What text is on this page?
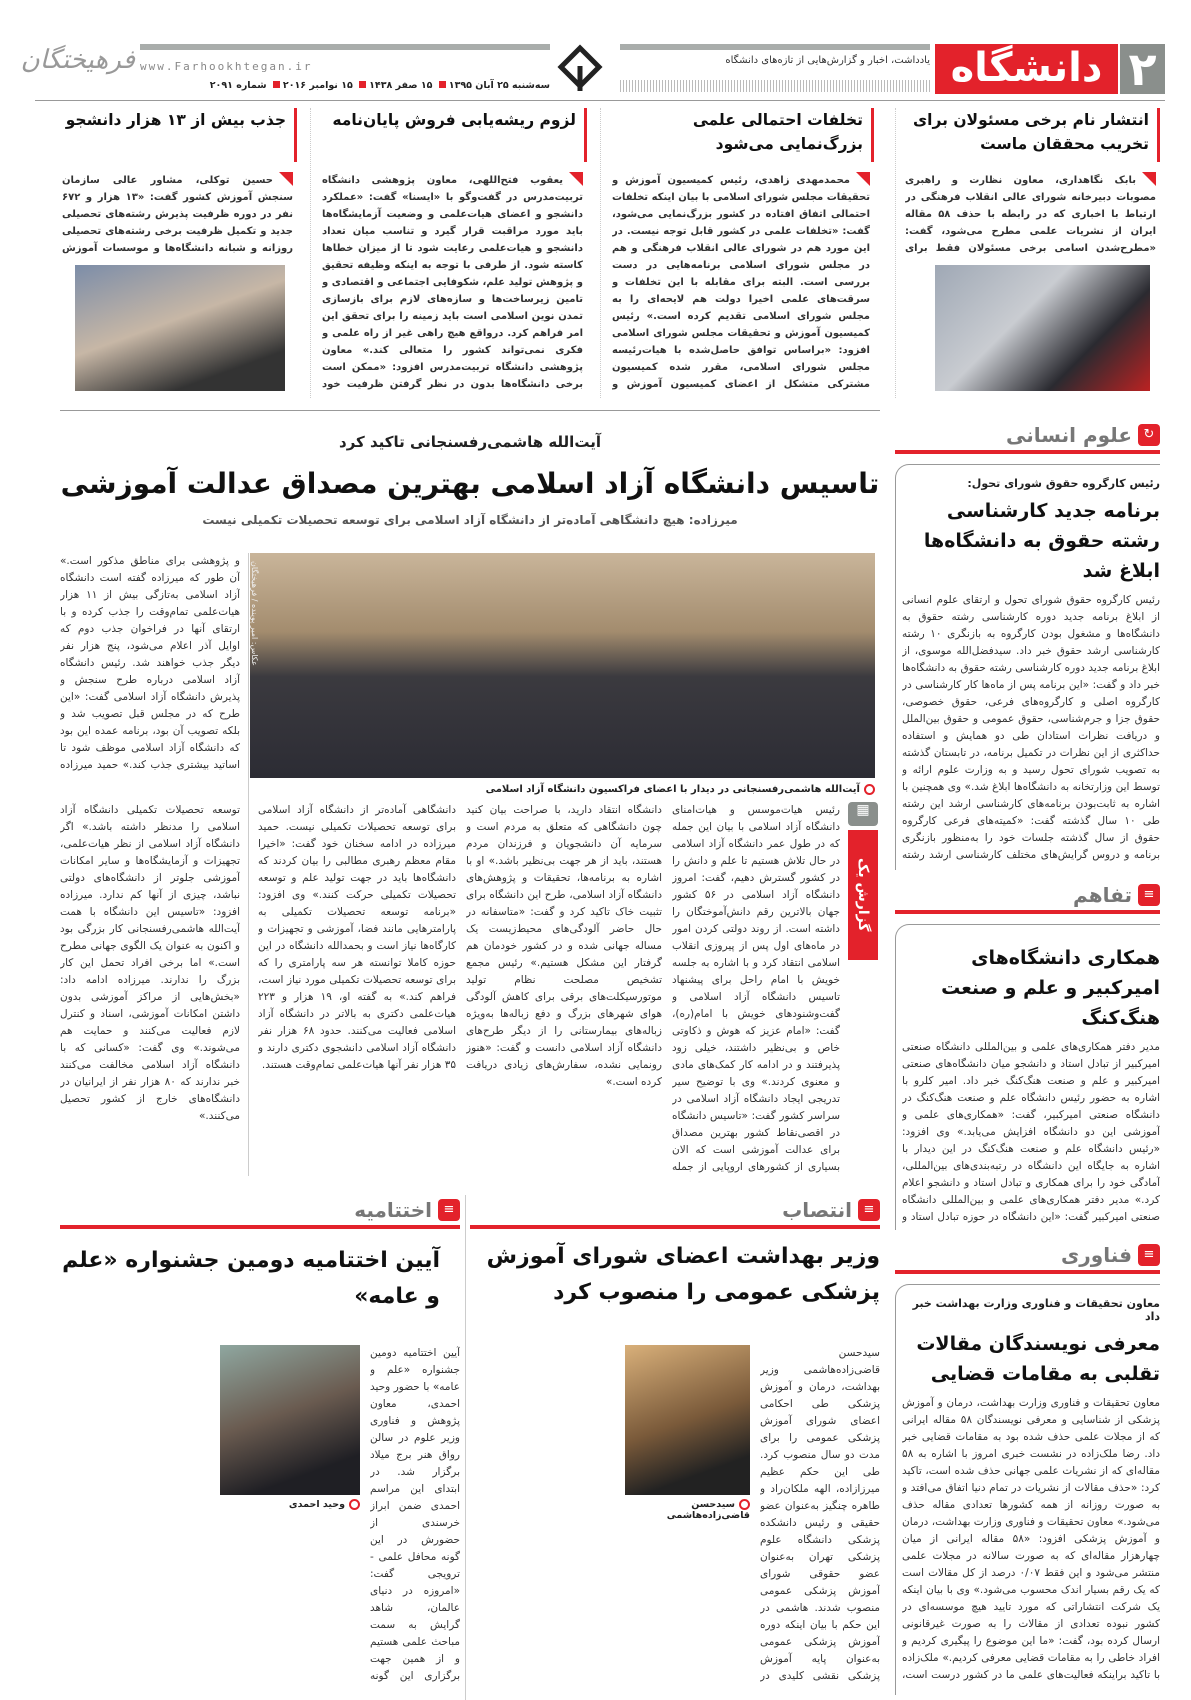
۲
دانشگاه
یادداشت، اخبار و گزارش‌هایی از تازه‌های دانشگاه
www.Farhookhtegan.ir
سه‌شنبه ۲۵ آبان ۱۳۹۵ ۱۵ صفر ۱۴۳۸ ۱۵ نوامبر ۲۰۱۶ شماره ۲۰۹۱
فرهیختگان
انتشار نام برخی مسئولان برای تخریب محققان ماست
بابک نگاهداری، معاون نظارت و راهبری مصوبات دبیرخانه شورای عالی انقلاب فرهنگی در ارتباط با اخباری که در رابطه با حذف ۵۸ مقاله ایران از نشریات علمی مطرح می‌شود، گفت: «مطرح‌شدن اسامی برخی مسئولان فقط برای
تخلفات احتمالی علمی بزرگ‌نمایی می‌شود
محمدمهدی زاهدی، رئیس کمیسیون آموزش و تحقیقات مجلس شورای اسلامی با بیان اینکه تخلفات احتمالی اتفاق افتاده در کشور بزرگ‌نمایی می‌شود، گفت: «تخلفات علمی در کشور قابل توجه نیست. در این مورد هم در شورای عالی انقلاب فرهنگی و هم در مجلس شورای اسلامی برنامه‌هایی در دست بررسی است. البته برای مقابله با این تخلفات و سرقت‌های علمی اخیرا دولت هم لایحه‌ای را به مجلس شورای اسلامی تقدیم کرده است.» رئیس کمیسیون آموزش و تحقیقات مجلس شورای اسلامی افزود: «براساس توافق حاصل‌شده با هیات‌رئیسه مجلس شورای اسلامی، مقرر شده کمیسیون مشترکی متشکل از اعضای کمیسیون آموزش و
لزوم ریشه‌یابی فروش پایان‌نامه
یعقوب فتح‌اللهی، معاون پژوهشی دانشگاه تربیت‌مدرس در گفت‌وگو با «ایسنا» گفت: «عملکرد دانشجو و اعضای هیات‌علمی و وضعیت آزمایشگاه‌ها باید مورد مراقبت قرار گیرد و تناسب میان تعداد دانشجو و هیات‌علمی رعایت شود تا از میزان خطاها کاسته شود. از طرفی با توجه به اینکه وظیفه تحقیق و پژوهش تولید علم، شکوفایی اجتماعی و اقتصادی و تامین زیرساخت‌ها و سازه‌های لازم برای بازسازی تمدن نوین اسلامی است باید زمینه را برای تحقق این امر فراهم کرد. درواقع هیچ راهی غیر از راه علمی و فکری نمی‌تواند کشور را متعالی کند.» معاون پژوهشی دانشگاه تربیت‌مدرس افزود: «ممکن است برخی دانشگاه‌ها بدون در نظر گرفتن ظرفیت خود
جذب بیش از ۱۳ هزار دانشجو
حسین توکلی، مشاور عالی سازمان سنجش آموزش کشور گفت: «۱۳ هزار و ۶۷۲ نفر در دوره ظرفیت پذیرش رشته‌های تحصیلی جدید و تکمیل ظرفیت برخی رشته‌های تحصیلی روزانه و شبانه دانشگاه‌ها و موسسات آموزش
↻
علوم انسانی
رئیس کارگروه حقوق شورای تحول:
برنامه جدید کارشناسی رشته حقوق به دانشگاه‌ها ابلاغ شد
رئیس کارگروه حقوق شورای تحول و ارتقای علوم انسانی از ابلاغ برنامه جدید دوره کارشناسی رشته حقوق به دانشگاه‌ها و مشغول بودن کارگروه به بازنگری ۱۰ رشته کارشناسی ارشد حقوق خبر داد. سیدفضل‌الله موسوی، از ابلاغ برنامه جدید دوره کارشناسی رشته حقوق به دانشگاه‌ها خبر داد و گفت: «این برنامه پس از ماه‌ها کار کارشناسی در کارگروه اصلی و کارگروه‌های فرعی، حقوق خصوصی، حقوق جزا و جرم‌شناسی، حقوق عمومی و حقوق بین‌الملل و دریافت نظرات استادان طی دو همایش و استفاده حداکثری از این نظرات در تکمیل برنامه، در تابستان گذشته به تصویب شورای تحول رسید و به وزارت علوم ارائه و توسط این وزارتخانه به دانشگاه‌ها ابلاغ شد.» وی همچنین با اشاره به ثابت‌بودن برنامه‌های کارشناسی ارشد این رشته طی ۱۰ سال گذشته گفت: «کمیته‌های فرعی کارگروه حقوق از سال گذشته جلسات خود را به‌منظور بازنگری برنامه و دروس گرایش‌های مختلف کارشناسی ارشد رشته
≡
تفاهم
همکاری دانشگاه‌های امیرکبیر و علم و صنعت هنگ‌کنگ
مدیر دفتر همکاری‌های علمی و بین‌المللی دانشگاه صنعتی امیرکبیر از تبادل استاد و دانشجو میان دانشگاه‌های صنعتی امیرکبیر و علم و صنعت هنگ‌کنگ خبر داد. امیر کلرو با اشاره به حضور رئیس دانشگاه علم و صنعت هنگ‌کنگ در دانشگاه صنعتی امیرکبیر، گفت: «همکاری‌های علمی و آموزشی این دو دانشگاه افزایش می‌یابد.» وی افزود: «رئیس دانشگاه علم و صنعت هنگ‌کنگ در این دیدار با اشاره به جایگاه این دانشگاه در رتبه‌بندی‌های بین‌المللی، آمادگی خود را برای همکاری و تبادل استاد و دانشجو اعلام کرد.» مدیر دفتر همکاری‌های علمی و بین‌المللی دانشگاه صنعتی امیرکبیر گفت: «این دانشگاه در حوزه تبادل استاد و
≡
فناوری
معاون تحقیقات و فناوری وزارت بهداشت خبر داد
معرفی نویسندگان مقالات تقلبی به مقامات قضایی
معاون تحقیقات و فناوری وزارت بهداشت، درمان و آموزش پزشکی از شناسایی و معرفی نویسندگان ۵۸ مقاله ایرانی که از مجلات علمی حذف شده بود به مقامات قضایی خبر داد. رضا ملک‌زاده در نشست خبری امروز با اشاره به ۵۸ مقاله‌ای که از نشریات علمی جهانی حذف شده است، تاکید کرد: «حذف مقالات از نشریات در تمام دنیا اتفاق می‌افتد و به صورت روزانه از همه کشورها تعدادی مقاله حذف می‌شود.» معاون تحقیقات و فناوری وزارت بهداشت، درمان و آموزش پزشکی افزود: «۵۸ مقاله ایرانی از میان چهارهزار مقاله‌ای که به صورت سالانه در مجلات علمی منتشر می‌شود و این فقط ۰/۰۷ درصد از کل مقالات است که یک رقم بسیار اندک محسوب می‌شود.» وی با بیان اینکه یک شرکت انتشاراتی که مورد تایید هیچ موسسه‌ای در کشور نبوده تعدادی از مقالات را به صورت غیرقانونی ارسال کرده بود، گفت: «ما این موضوع را پیگیری کردیم و افراد خاطی را به مقامات قضایی معرفی کردیم.» ملک‌زاده با تاکید براینکه فعالیت‌های علمی ما در کشور درست است،
آیت‌الله هاشمی‌رفسنجانی تاکید کرد
تاسیس دانشگاه آزاد اسلامی بهترین مصداق عدالت آموزشی
میرزاده: هیچ دانشگاهی آماده‌تر از دانشگاه آزاد اسلامی برای توسعه تحصیلات تکمیلی نیست
و پژوهشی برای مناطق مذکور است.» آن طور که میرزاده گفته است دانشگاه آزاد اسلامی به‌تازگی بیش از ۱۱ هزار هیات‌علمی تمام‌وقت را جذب کرده و با ارتقای آنها در فراخوان جذب دوم که اوایل آذر اعلام می‌شود، پنج هزار نفر دیگر جذب خواهند شد. رئیس دانشگاه آزاد اسلامی درباره طرح سنجش و پذیرش دانشگاه آزاد اسلامی گفت: «این طرح که در مجلس قبل تصویب شد و بلکه تصویب آن بود، برنامه عمده این بود که دانشگاه آزاد اسلامی موظف شود تا اساتید بیشتری جذب کند.» حمید میرزاده
عکاس: امیر پوینده / فرهیختگان
آیت‌الله هاشمی‌رفسنجانی در دیدار با اعضای فراکسیون دانشگاه آزاد اسلامی
▦
گزارش یک
رئیس هیات‌موسس و هیات‌امنای دانشگاه آزاد اسلامی با بیان این جمله که در طول عمر دانشگاه آزاد اسلامی در حال تلاش هستیم تا علم و دانش را در کشور گسترش دهیم، گفت: امروز دانشگاه آزاد اسلامی در ۵۶ کشور جهان بالاترین رقم دانش‌آموختگان را داشته است. از روند دولتی کردن امور در ماه‌های اول پس از پیروزی انقلاب اسلامی انتقاد کرد و با اشاره به جلسه خویش با امام راحل برای پیشنهاد تاسیس دانشگاه آزاد اسلامی و گفت‌وشنودهای خویش با امام(ره)، گفت: «امام عزیز که هوش و ذکاوتی خاص و بی‌نظیر داشتند، خیلی زود پذیرفتند و در ادامه کار کمک‌های مادی و معنوی کردند.» وی با توضیح سیر تدریجی ایجاد دانشگاه آزاد اسلامی در سراسر کشور گفت: «تاسیس دانشگاه در اقصی‌نقاط کشور بهترین مصداق برای عدالت آموزشی است که الان بسیاری از کشورهای اروپایی از جمله
دانشگاه انتقاد دارید، با صراحت بیان کنید چون دانشگاهی که متعلق به مردم است و سرمایه آن دانشجویان و فرزندان مردم هستند، باید از هر جهت بی‌نظیر باشد.» او با اشاره به برنامه‌ها، تحقیقات و پژوهش‌های دانشگاه آزاد اسلامی، طرح این دانشگاه برای تثبیت خاک تاکید کرد و گفت: «متاسفانه در حال حاضر آلودگی‌های محیط‌زیست یک مساله جهانی شده و در کشور خودمان هم گرفتار این مشکل هستیم.» رئیس مجمع تشخیص مصلحت نظام تولید موتورسیکلت‌های برقی برای کاهش آلودگی هوای شهرهای بزرگ و دفع زباله‌ها به‌ویژه زباله‌های بیمارستانی را از دیگر طرح‌های دانشگاه آزاد اسلامی دانست و گفت: «هنوز رونمایی نشده، سفارش‌های زیادی دریافت کرده است.»
دانشگاهی آماده‌تر از دانشگاه آزاد اسلامی برای توسعه تحصیلات تکمیلی نیست. حمید میرزاده در ادامه سخنان خود گفت: «اخیرا مقام معظم رهبری مطالبی را بیان کردند که دانشگاه‌ها باید در جهت تولید علم و توسعه تحصیلات تکمیلی حرکت کنند.» وی افزود: «برنامه توسعه تحصیلات تکمیلی به پارامترهایی مانند فضا، آموزشی و تجهیزات و کارگاه‌ها نیاز است و بحمدالله دانشگاه در این حوزه کاملا توانسته هر سه پارامتری را که برای توسعه تحصیلات تکمیلی مورد نیاز است، فراهم کند.» به گفته او، ۱۹ هزار و ۲۲۳ هیات‌علمی دکتری به بالاتر در دانشگاه آزاد اسلامی فعالیت می‌کنند. حدود ۶۸ هزار نفر دانشگاه آزاد اسلامی دانشجوی دکتری دارند و ۳۵ هزار نفر آنها هیات‌علمی تمام‌وقت هستند.
توسعه تحصیلات تکمیلی دانشگاه آزاد اسلامی را مدنظر داشته باشد.» اگر دانشگاه آزاد اسلامی از نظر هیات‌علمی، تجهیزات و آزمایشگاه‌ها و سایر امکانات آموزشی جلوتر از دانشگاه‌های دولتی نباشد، چیزی از آنها کم ندارد. میرزاده افزود: «تاسیس این دانشگاه با همت آیت‌الله هاشمی‌رفسنجانی کار بزرگی بود و اکنون به عنوان یک الگوی جهانی مطرح است.» اما برخی افراد تحمل این کار بزرگ را ندارند. میرزاده ادامه داد: «بخش‌هایی از مراکز آموزشی بدون داشتن امکانات آموزشی، اسناد و کنترل لازم فعالیت می‌کنند و حمایت هم می‌شوند.» وی گفت: «کسانی که با دانشگاه آزاد اسلامی مخالفت می‌کنند خبر ندارند که ۸۰ هزار نفر از ایرانیان در دانشگاه‌های خارج از کشور تحصیل می‌کنند.»
≡
انتصاب
وزیر بهداشت اعضای شورای آموزش پزشکی عمومی را منصوب کرد
سیدحسن قاضی‌زاده‌هاشمی وزیر بهداشت، درمان و آموزش پزشکی طی احکامی اعضای شورای آموزش پزشکی عمومی را برای مدت دو سال منصوب کرد. طی این حکم عظیم میرزازاده، الهه ملکان‌راد و طاهره چنگیز به‌عنوان عضو حقیقی و رئیس دانشکده پزشکی دانشگاه علوم پزشکی تهران به‌عنوان عضو حقوقی شورای آموزش پزشکی عمومی منصوب شدند. هاشمی در این حکم با بیان اینکه دوره آموزش پزشکی عمومی به‌عنوان پایه آموزش پزشکی نقشی کلیدی در
سیدحسن قاضی‌زاده‌هاشمی
≡
اختتامیه
آیین اختتامیه دومین جشنواره «علم و عامه»
آیین اختتامیه دومین جشنواره «علم و عامه» با حضور وحید احمدی، معاون پژوهش و فناوری وزیر علوم در سالن رواق هنر برج میلاد برگزار شد. در ابتدای این مراسم احمدی ضمن ابراز خرسندی از حضورش در این گونه محافل علمی - ترویجی گفت: «امروزه در دنیای عالمان، شاهد گرایش به سمت مباحث علمی هستیم و از همین جهت برگزاری این گونه
وحید احمدی
